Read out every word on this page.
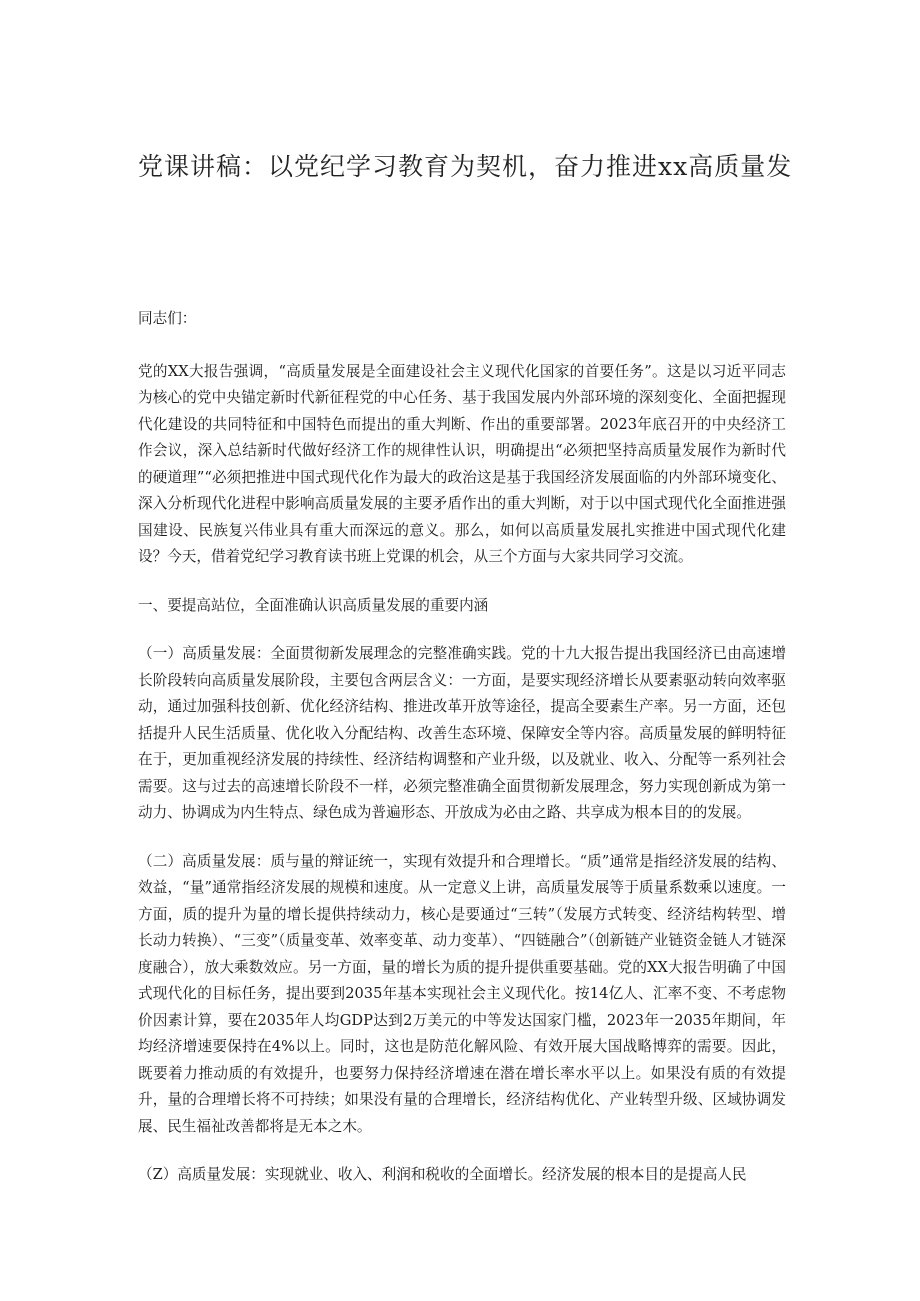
党课讲稿：以党纪学习教育为契机，奋力推进xx高质量发

同志们：

党的XX大报告强调，“高质量发展是全面建设社会主义现代化国家的首要任务”。这是以习近平同志为核心的党中央锚定新时代新征程党的中心任务、基于我国发展内外部环境的深刻变化、全面把握现代化建设的共同特征和中国特色而提出的重大判断、作出的重要部署。2023年底召开的中央经济工作会议，深入总结新时代做好经济工作的规律性认识，明确提出“必须把坚持高质量发展作为新时代的硬道理”“必须把推进中国式现代化作为最大的政治这是基于我国经济发展面临的内外部环境变化、深入分析现代化进程中影响高质量发展的主要矛盾作出的重大判断，对于以中国式现代化全面推进强国建设、民族复兴伟业具有重大而深远的意义。那么，如何以高质量发展扎实推进中国式现代化建设？今天，借着党纪学习教育读书班上党课的机会，从三个方面与大家共同学习交流。

一、要提高站位，全面准确认识高质量发展的重要内涵

（一）高质量发展：全面贯彻新发展理念的完整准确实践。党的十九大报告提出我国经济已由高速增长阶段转向高质量发展阶段，主要包含两层含义：一方面，是要实现经济增长从要素驱动转向效率驱动，通过加强科技创新、优化经济结构、推进改革开放等途径，提高全要素生产率。另一方面，还包括提升人民生活质量、优化收入分配结构、改善生态环境、保障安全等内容。高质量发展的鲜明特征在于，更加重视经济发展的持续性、经济结构调整和产业升级，以及就业、收入、分配等一系列社会需要。这与过去的高速增长阶段不一样，必须完整准确全面贯彻新发展理念，努力实现创新成为第一动力、协调成为内生特点、绿色成为普遍形态、开放成为必由之路、共享成为根本目的的发展。

（二）高质量发展：质与量的辩证统一，实现有效提升和合理增长。“质”通常是指经济发展的结构、效益，“量”通常指经济发展的规模和速度。从一定意义上讲，高质量发展等于质量系数乘以速度。一方面，质的提升为量的增长提供持续动力，核心是要通过“三转”（发展方式转变、经济结构转型、增长动力转换）、“三变”（质量变革、效率变革、动力变革）、“四链融合”（创新链产业链资金链人才链深度融合），放大乘数效应。另一方面，量的增长为质的提升提供重要基础。党的XX大报告明确了中国式现代化的目标任务，提出要到2035年基本实现社会主义现代化。按14亿人、汇率不变、不考虑物价因素计算，要在2035年人均GDP达到2万美元的中等发达国家门槛，2023年一2035年期间，年均经济增速要保持在4%以上。同时，这也是防范化解风险、有效开展大国战略博弈的需要。因此，既要着力推动质的有效提升，也要努力保持经济增速在潜在增长率水平以上。如果没有质的有效提升，量的合理增长将不可持续；如果没有量的合理增长，经济结构优化、产业转型升级、区域协调发展、民生福祉改善都将是无本之木。

（Z）高质量发展：实现就业、收入、利润和税收的全面增长。经济发展的根本目的是提高人民
